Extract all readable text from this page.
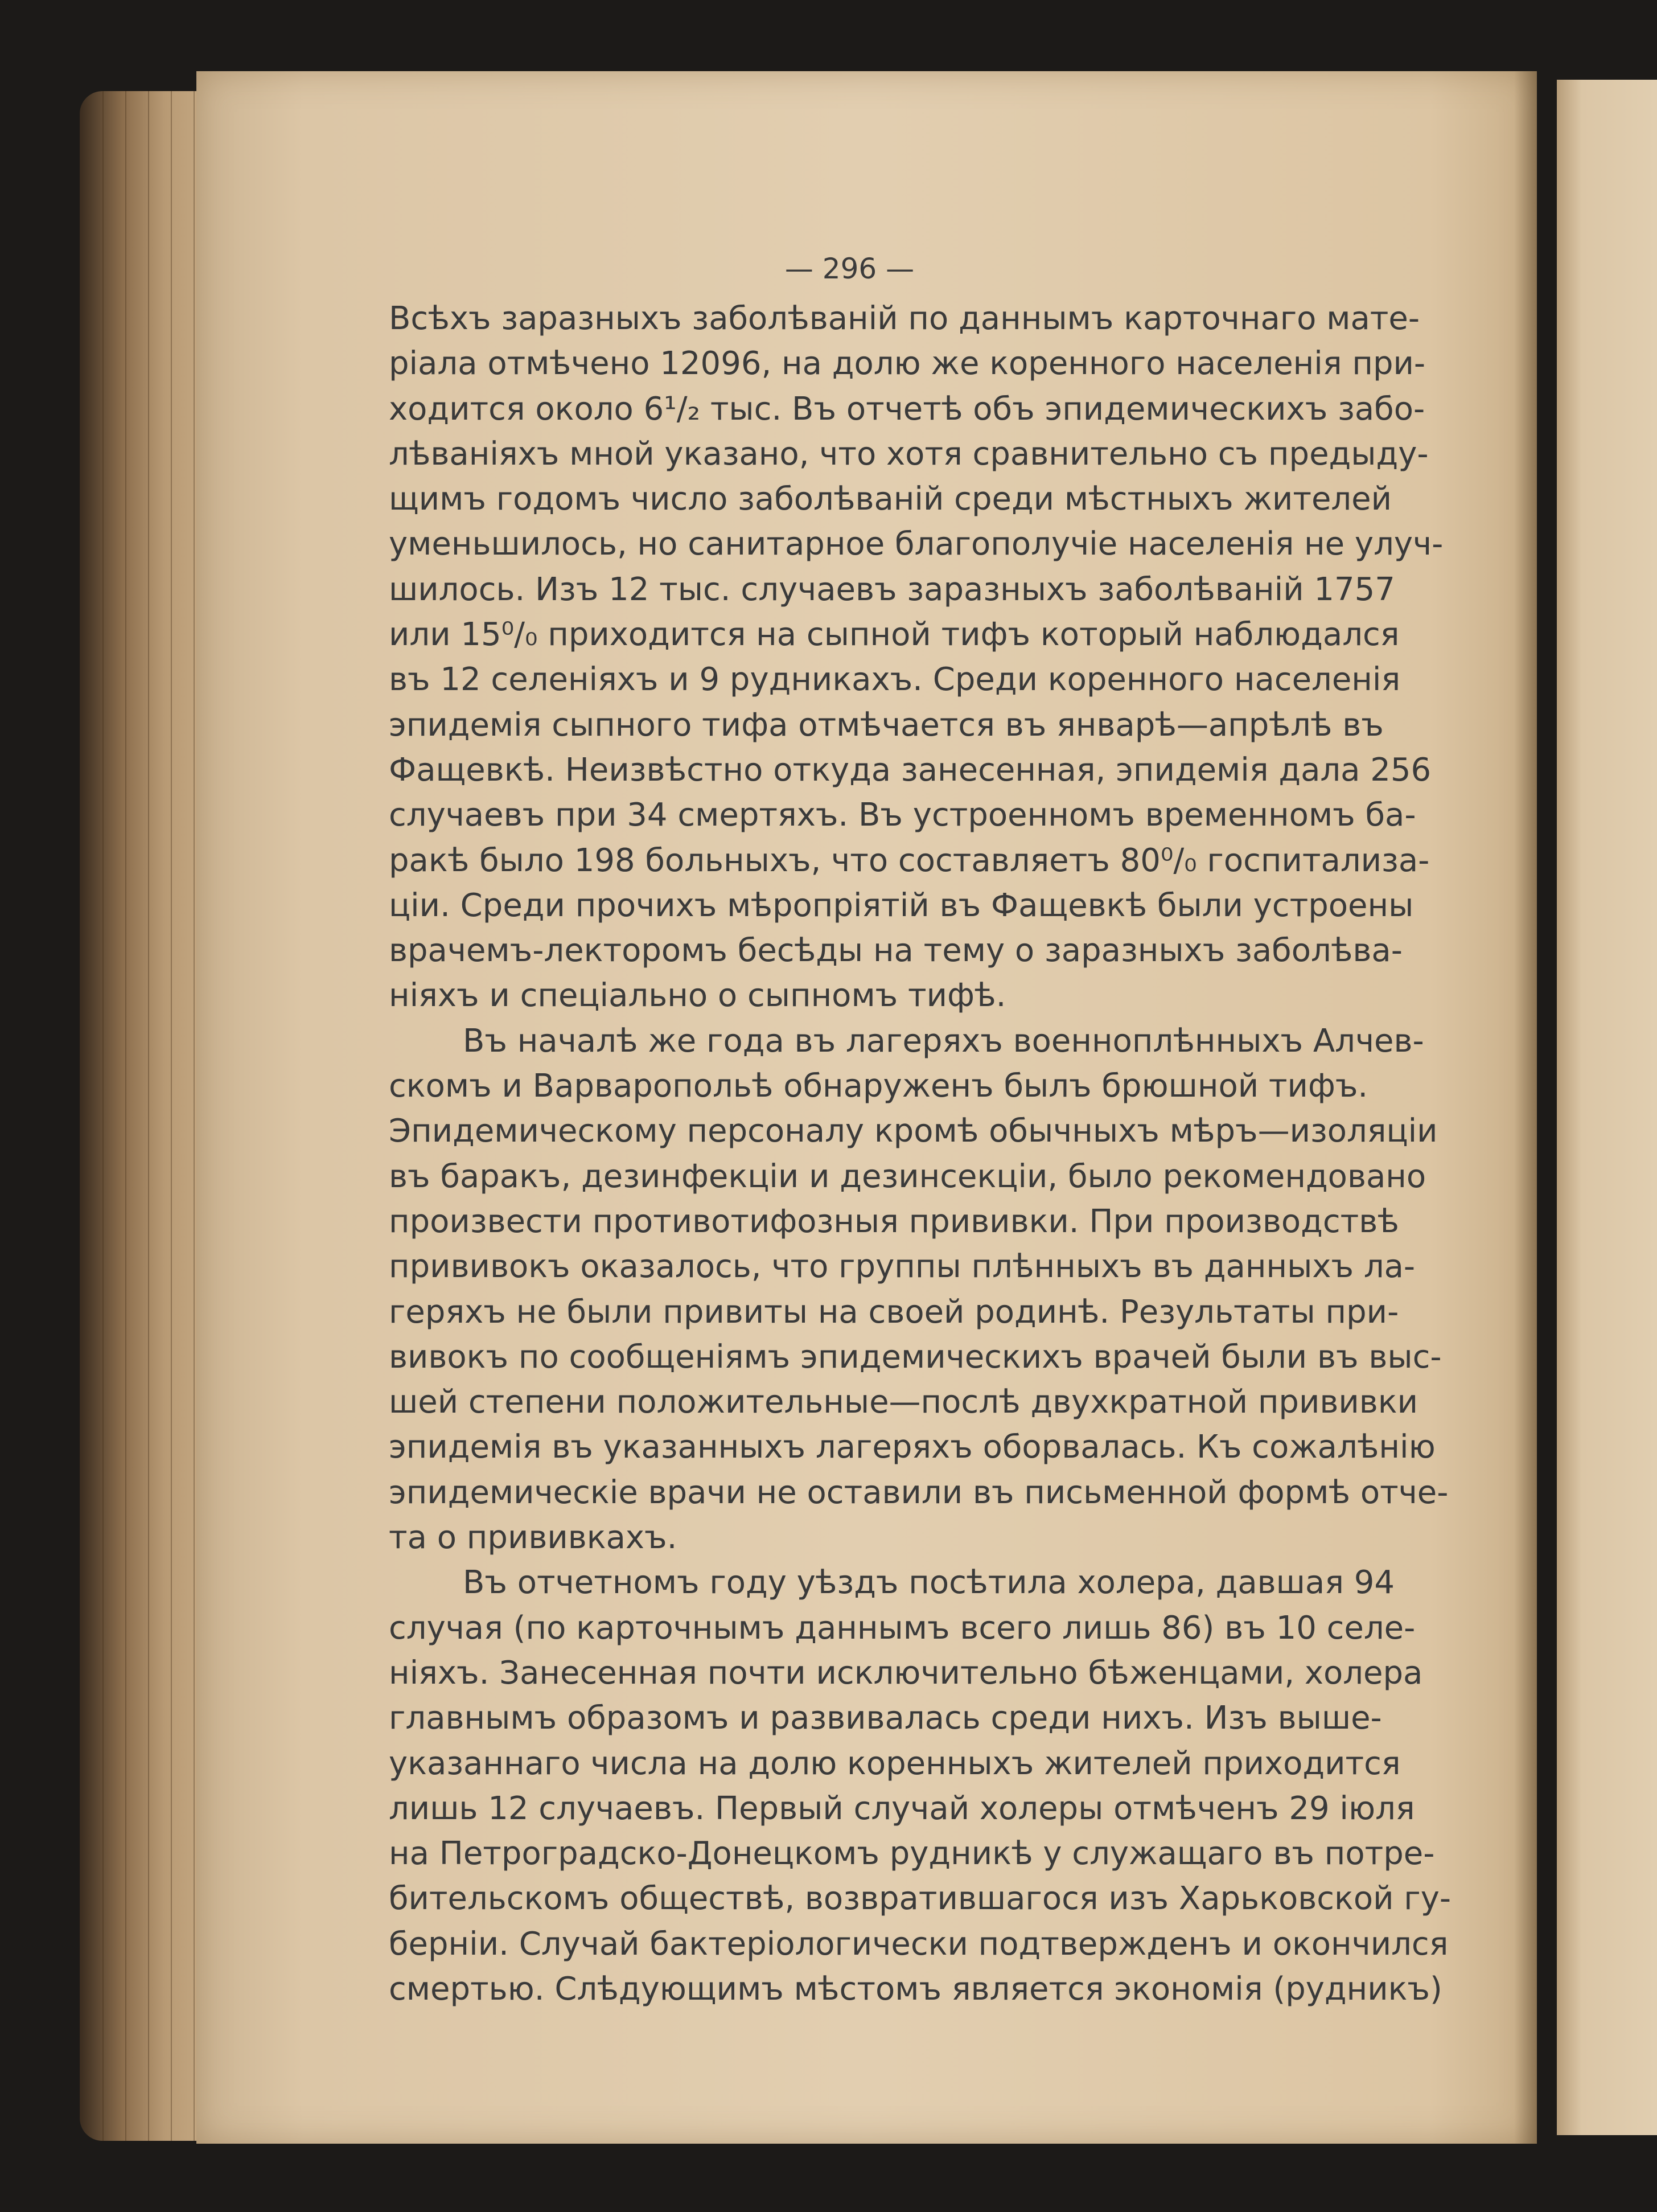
— 296 —

Всѣхъ заразныхъ заболѣваній по даннымъ карточнаго мате-
ріала отмѣчено 12096, на долю же коренного населенія при-
ходится около 6¹/₂ тыс. Въ отчетѣ объ эпидемическихъ забо-
лѣваніяхъ мной указано, что хотя сравнительно съ предыду-
щимъ годомъ число заболѣваній среди мѣстныхъ жителей
уменьшилось, но санитарное благополучіе населенія не улуч-
шилось. Изъ 12 тыс. случаевъ заразныхъ заболѣваній 1757
или 15⁰/₀ приходится на сыпной тифъ который наблюдался
въ 12 селеніяхъ и 9 рудникахъ. Среди коренного населенія
эпидемія сыпного тифа отмѣчается въ январѣ—апрѣлѣ въ
Фащевкѣ. Неизвѣстно откуда занесенная, эпидемія дала 256
случаевъ при 34 смертяхъ. Въ устроенномъ временномъ ба-
ракѣ было 198 больныхъ, что составляетъ 80⁰/₀ госпитализа-
ціи. Среди прочихъ мѣропріятій въ Фащевкѣ были устроены
врачемъ-лекторомъ бесѣды на тему о заразныхъ заболѣва-
ніяхъ и спеціально о сыпномъ тифѣ.

Въ началѣ же года въ лагеряхъ военноплѣнныхъ Алчев-
скомъ и Варваропольѣ обнаруженъ былъ брюшной тифъ.
Эпидемическому персоналу кромѣ обычныхъ мѣръ—изоляціи
въ баракъ, дезинфекціи и дезинсекціи, было рекомендовано
произвести противотифозныя прививки. При производствѣ
прививокъ оказалось, что группы плѣнныхъ въ данныхъ ла-
геряхъ не были привиты на своей родинѣ. Результаты при-
вивокъ по сообщеніямъ эпидемическихъ врачей были въ выс-
шей степени положительные—послѣ двухкратной прививки
эпидемія въ указанныхъ лагеряхъ оборвалась. Къ сожалѣнію
эпидемическіе врачи не оставили въ письменной формѣ отче-
та о прививкахъ.

Въ отчетномъ году уѣздъ посѣтила холера, давшая 94
случая (по карточнымъ даннымъ всего лишь 86) въ 10 селе-
ніяхъ. Занесенная почти исключительно бѣженцами, холера
главнымъ образомъ и развивалась среди нихъ. Изъ выше-
указаннаго числа на долю коренныхъ жителей приходится
лишь 12 случаевъ. Первый случай холеры отмѣченъ 29 іюля
на Петроградско-Донецкомъ рудникѣ у служащаго въ потре-
бительскомъ обществѣ, возвратившагося изъ Харьковской гу-
берніи. Случай бактеріологически подтвержденъ и окончился
смертью. Слѣдующимъ мѣстомъ является экономія (рудникъ)
